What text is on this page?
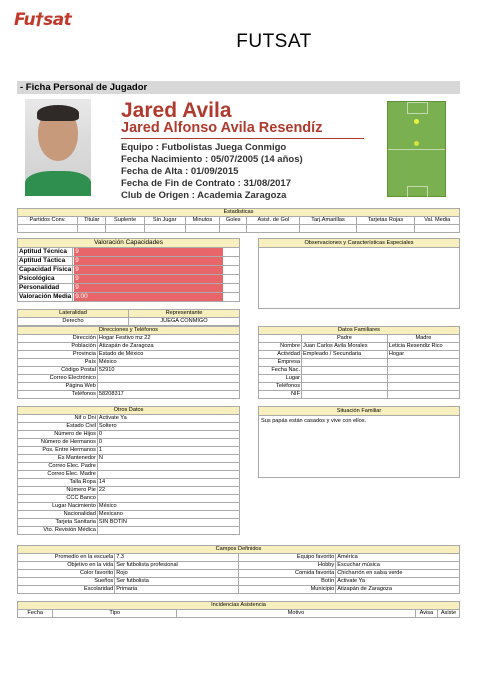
Fu†sat
FUTSAT
- Ficha Personal de Jugador
Jared Avila
Jared Alfonso Avila Resendíz
Equipo : Futbolistas Juega Conmigo
Fecha Nacimiento : 05/07/2005 (14 años)
Fecha de Alta : 01/09/2015
Fecha de Fin de Contrato : 31/08/2017
Club de Origen : Academia Zaragoza
Estadisticas									
Partidos Conv.	Titular	Suplente	Sin Jugar	Minutos	Goles	Asist. de Gol	Tarj.Amarillas	Tarjetas Rojas	Val. Media

Valoración Capacidades	
Aptitud Técnica	9

Aptitud Táctica	9

Capacidad Física	9

Psicológica	9

Personalidad	9

Valoración Media	9.00
Observaciones y Características Especiales
Lateralidad	Representante
Derecho	JUEGA CONMIGO
Direcciones y Teléfonos	
Dirección	Hogar Festivo mz 22
Población	Atizapán de Zaragoza
Provincia	Estado de México
País	México
Código Postal	52910
Correo Electrónico	
Página Web	
Teléfonos	58208317
Datos Familiares		
	Padre	Madre
Nombre	Juan Carlos Avila Morales	Leticia Resendiz Rico
Actividad	Empleado / Secundaria	Hogar
Empresa		
Fecha Nac.		
Lugar		
Teléfonos		
NIF		
Otros Datos	
Nif o Dni	Activate Ya
Estado Civil	Soltero
Número de Hijos	0
Número de Hermanos	0
Pos. Entre Hermanos	1
Es Mantenedor	N
Correo Elec. Padre	
Correo Elec. Madre	
Talla Ropa	14
Número Pie	22
CCC Banco	
Lugar Nacimiento	México
Nacionalidad	Mexicano
Tarjeta Sanitaria	SIN BOTIN
Vto. Revisión Médica	
Situación Familiar
Sus papás están casados y vive con ellos.
Campos Definidos			
Promedio en la escuela	7.3	Equipo favorito	América
Objetivo en la vida	Ser futbolista profesional	Hobby	Escuchar música
Color favorito	Rojo	Comida favorita	Chicharrón en salsa verde
Sueños	Ser futbolista	Botín	Activate Ya
Escolaridad	Primaria	Municipio	Atizapán de Zaragoza
Incidencias Asistencia
Fecha	Tipo	Motivo	Avisa	Asiste
